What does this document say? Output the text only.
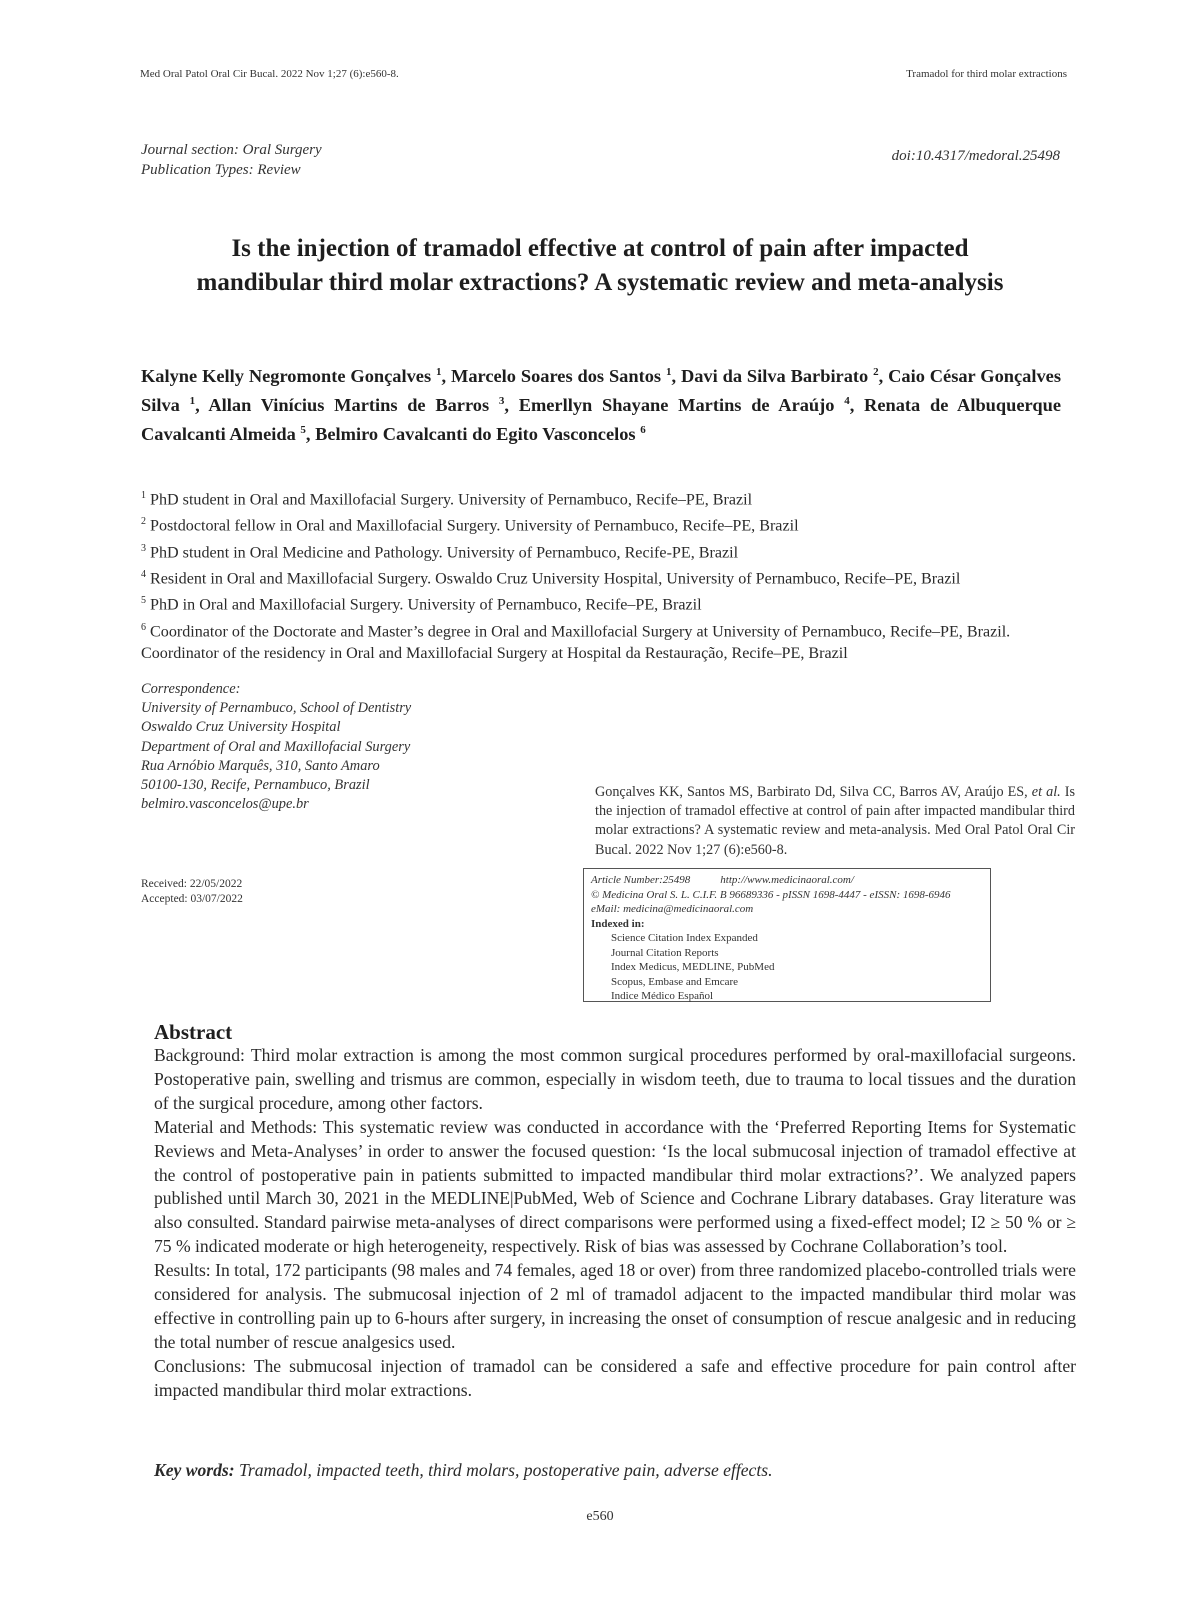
Med Oral Patol Oral Cir Bucal. 2022 Nov 1;27 (6):e560-8.	Tramadol for third molar extractions
Journal section: Oral Surgery
Publication Types: Review
doi:10.4317/medoral.25498
Is the injection of tramadol effective at control of pain after impacted
mandibular third molar extractions? A systematic review and meta-analysis
Kalyne Kelly Negromonte Gonçalves $^1$, Marcelo Soares dos Santos $^1$, Davi da Silva Barbirato $^2$, Caio César Gonçalves Silva $^1$, Allan Vinícius Martins de Barros $^3$, Emerllyn Shayane Martins de Araújo $^4$, Renata de Albuquerque Cavalcanti Almeida $^5$, Belmiro Cavalcanti do Egito Vasconcelos $^6$
$^1$ PhD student in Oral and Maxillofacial Surgery. University of Pernambuco, Recife–PE, Brazil
$^2$ Postdoctoral fellow in Oral and Maxillofacial Surgery. University of Pernambuco, Recife–PE, Brazil
$^3$ PhD student in Oral Medicine and Pathology. University of Pernambuco, Recife-PE, Brazil
$^4$ Resident in Oral and Maxillofacial Surgery. Oswaldo Cruz University Hospital, University of Pernambuco, Recife–PE, Brazil
$^5$ PhD in Oral and Maxillofacial Surgery. University of Pernambuco, Recife–PE, Brazil
$^6$ Coordinator of the Doctorate and Master’s degree in Oral and Maxillofacial Surgery at University of Pernambuco, Recife–PE, Brazil. Coordinator of the residency in Oral and Maxillofacial Surgery at Hospital da Restauração, Recife–PE, Brazil
Correspondence:
University of Pernambuco, School of Dentistry
Oswaldo Cruz University Hospital
Department of Oral and Maxillofacial Surgery
Rua Arnóbio Marquês, 310, Santo Amaro
50100-130, Recife, Pernambuco, Brazil
belmiro.vasconcelos@upe.br
Received: 22/05/2022
Accepted: 03/07/2022
Gonçalves KK, Santos MS, Barbirato Dd, Silva CC, Barros AV, Araújo ES, et al. Is the injection of tramadol effective at control of pain after impacted mandibular third molar extractions? A systematic review and meta-analysis. Med Oral Patol Oral Cir Bucal. 2022 Nov 1;27 (6):e560-8.
Article Number:25498	http://www.medicinaoral.com/
© Medicina Oral S. L. C.I.F. B 96689336 - pISSN 1698-4447 - eISSN: 1698-6946
eMail: medicina@medicinaoral.com
Indexed in:
Science Citation Index Expanded
Journal Citation Reports
Index Medicus, MEDLINE, PubMed
Scopus, Embase and Emcare
Indice Médico Español
Abstract

Background: Third molar extraction is among the most common surgical procedures performed by oral-maxillofacial surgeons. Postoperative pain, swelling and trismus are common, especially in wisdom teeth, due to trauma to local tissues and the duration of the surgical procedure, among other factors.

Material and Methods: This systematic review was conducted in accordance with the ‘Preferred Reporting Items for Systematic Reviews and Meta-Analyses’ in order to answer the focused question: ‘Is the local submucosal injection of tramadol effective at the control of postoperative pain in patients submitted to impacted mandibular third molar extractions?’. We analyzed papers published until March 30, 2021 in the MEDLINE|PubMed, Web of Science and Cochrane Library databases. Gray literature was also consulted. Standard pairwise meta-analyses of direct comparisons were performed using a fixed-effect model; I2 ≥ 50 % or ≥ 75 % indicated moderate or high heterogeneity, respectively. Risk of bias was assessed by Cochrane Collaboration’s tool.

Results: In total, 172 participants (98 males and 74 females, aged 18 or over) from three randomized placebo-controlled trials were considered for analysis. The submucosal injection of 2 ml of tramadol adjacent to the impacted mandibular third molar was effective in controlling pain up to 6-hours after surgery, in increasing the onset of consumption of rescue analgesic and in reducing the total number of rescue analgesics used.

Conclusions: The submucosal injection of tramadol can be considered a safe and effective procedure for pain control after impacted mandibular third molar extractions.

Key words: Tramadol, impacted teeth, third molars, postoperative pain, adverse effects.
e560
